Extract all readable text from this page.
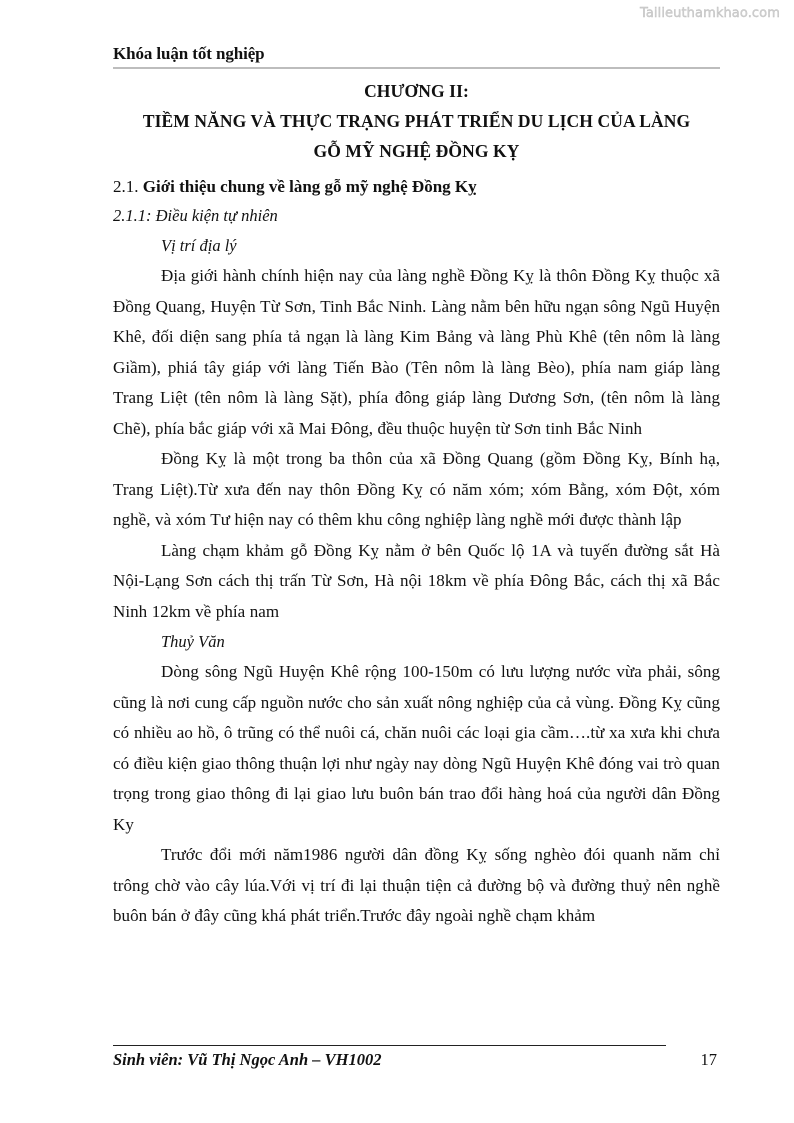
Tailieuthamkhao.com
Khóa luận tốt nghiệp
CHƯƠNG II:
TIỀM NĂNG VÀ THỰC TRẠNG PHÁT TRIỂN DU LỊCH CỦA LÀNG
GỖ MỸ NGHỆ ĐỒNG KỴ
2.1. Giới thiệu chung về làng gỗ mỹ nghệ Đồng Kỵ
2.1.1: Điều kiện tự nhiên
Vị trí địa lý

Địa giới hành chính hiện nay của làng nghề Đồng Kỵ là thôn Đồng Kỵ thuộc xã Đồng Quang, Huyện Từ Sơn, Tinh Bắc Ninh. Làng nằm bên hữu ngạn sông Ngũ Huyện Khê, đối diện sang phía tả ngạn là làng Kim Bảng và làng Phù Khê (tên nôm là làng Giầm), phiá tây giáp với làng Tiến Bào (Tên nôm là làng Bèo), phía nam giáp làng Trang Liệt (tên nôm là làng Sặt), phía đông giáp làng Dương Sơn, (tên nôm là làng Chẽ), phía bắc giáp với xã Mai Đông, đều thuộc huyện từ Sơn tinh Bắc Ninh

Đồng Kỵ là một trong ba thôn của xã Đồng Quang (gồm Đồng Kỵ, Bính hạ, Trang Liệt).Từ xưa đến nay thôn Đồng Kỵ có năm xóm; xóm Bằng, xóm Đột, xóm nghề, và xóm Tư hiện nay có thêm khu công nghiệp làng nghề mới được thành lập

Làng chạm khảm gỗ Đồng Kỵ nằm ở bên Quốc lộ 1A và tuyến đường sắt Hà Nội-Lạng Sơn cách thị trấn Từ Sơn, Hà nội 18km về phía Đông Bắc, cách thị xã Bắc Ninh 12km về phía nam

Thuỷ Văn

Dòng sông Ngũ Huyện Khê rộng 100-150m có lưu lượng nước vừa phải, sông cũng là nơi cung cấp nguồn nước cho sản xuất nông nghiệp của cả vùng. Đồng Kỵ cũng có nhiều ao hồ, ô trũng có thể nuôi cá, chăn nuôi các loại gia cầm….từ xa xưa khi chưa có điều kiện giao thông thuận lợi như ngày nay dòng Ngũ Huyện Khê đóng vai trò quan trọng trong giao thông đi lại giao lưu buôn bán trao đổi hàng hoá của người dân Đồng Ky

Trước đổi mới năm1986 người dân đồng Kỵ sống nghèo đói quanh năm chỉ trông chờ vào cây lúa.Với vị trí đi lại thuận tiện cả đường bộ và đường thuỷ nên nghề buôn bán ở đây cũng khá phát triển.Trước đây ngoài nghề chạm khảm

Sinh viên: Vũ Thị Ngọc Anh – VH1002	17
